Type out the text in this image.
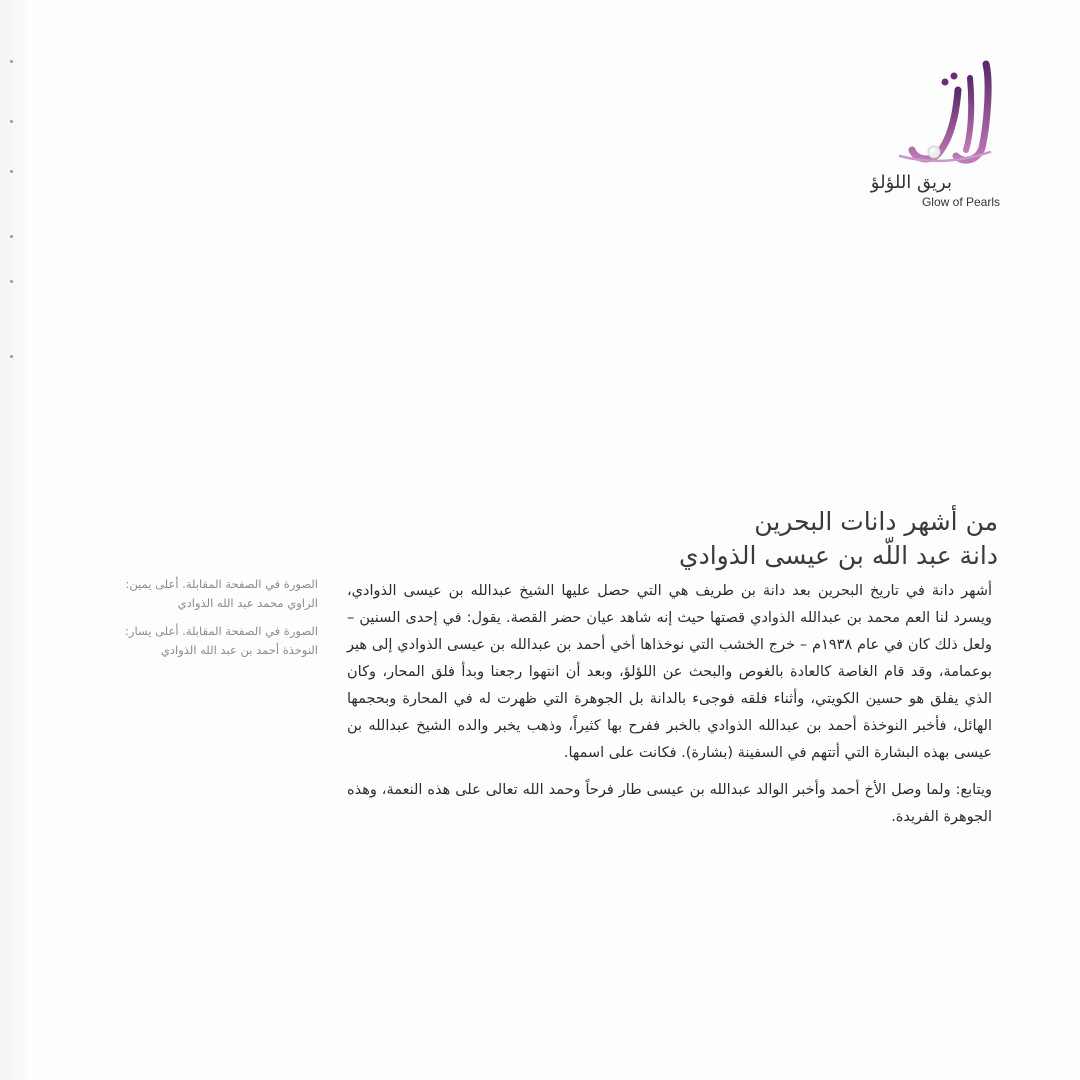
بريق اللؤلؤ
Glow of Pearls
من أشهر دانات البحرين
دانة عبد اللّه بن عيسى الذوادي

الصورة في الصفحة المقابلة. أعلى يمين: الراوي محمد عبد الله الذوادي

الصورة في الصفحة المقابلة. أعلى يسار: النوخذة أحمد بن عبد الله الذوادي

أشهر دانة في تاريخ البحرين بعد دانة بن طريف هي التي حصل عليها الشيخ عبدالله بن عيسى الذوادي، ويسرد لنا العم محمد بن عبدالله الذوادي قصتها حيث إنه شاهد عيان حضر القصة. يقول: في إحدى السنين – ولعل ذلك كان في عام ١٩٣٨م – خرج الخشب التي نوخذاها أخي أحمد بن عبدالله بن عيسى الذوادي إلى هير بوعمامة، وقد قام الغاصة كالعادة بالغوص والبحث عن اللؤلؤ، وبعد أن انتهوا رجعنا وبدأ فلق المحار، وكان الذي يفلق هو حسين الكويتي، وأثناء فلقه فوجىء بالدانة بل الجوهرة التي ظهرت له في المحارة وبحجمها الهائل، فأخبر النوخذة أحمد بن عبدالله الذوادي بالخبر ففرح بها كثيراً، وذهب يخبر والده الشيخ عبدالله بن عيسى بهذه البشارة التي أتتهم في السفينة (بشارة). فكانت على اسمها.

ويتابع: ولما وصل الأخ أحمد وأخبر الوالد عبدالله بن عيسى طار فرحاً وحمد الله تعالى على هذه النعمة، وهذه الجوهرة الفريدة.
